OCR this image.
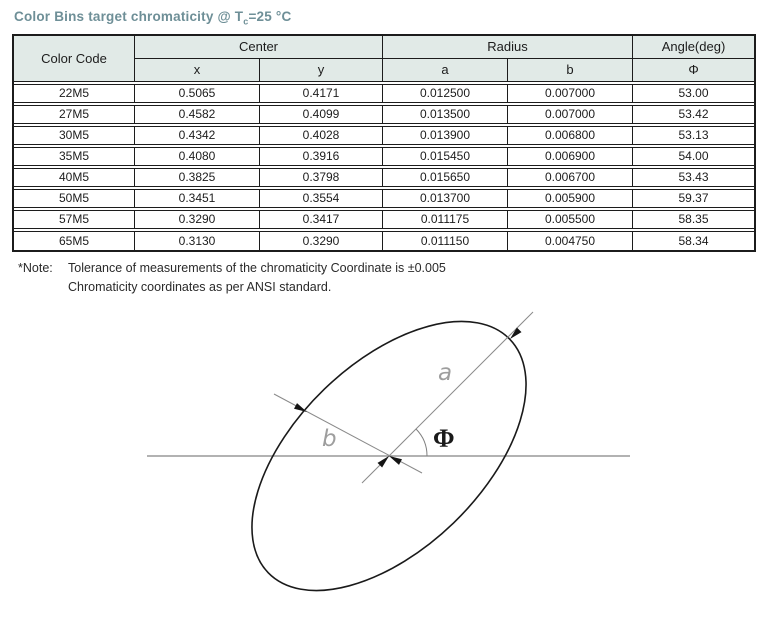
Color Bins target chromaticity @ $T_c=25$ °C
Color Code
Center	Radius	Angle(deg)
x	y	a	b	Φ
22M5	0.5065	0.4171	0.012500	0.007000	53.00
27M5	0.4582	0.4099	0.013500	0.007000	53.42
30M5	0.4342	0.4028	0.013900	0.006800	53.13
35M5	0.4080	0.3916	0.015450	0.006900	54.00
40M5	0.3825	0.3798	0.015650	0.006700	53.43
50M5	0.3451	0.3554	0.013700	0.005900	59.37
57M5	0.3290	0.3417	0.011175	0.005500	58.35
65M5	0.3130	0.3290	0.011150	0.004750	58.34
*Note:	Tolerance of measurements of the chromaticity Coordinate is ±0.005
Chromaticity coordinates as per ANSI standard.
a
b	Φ
